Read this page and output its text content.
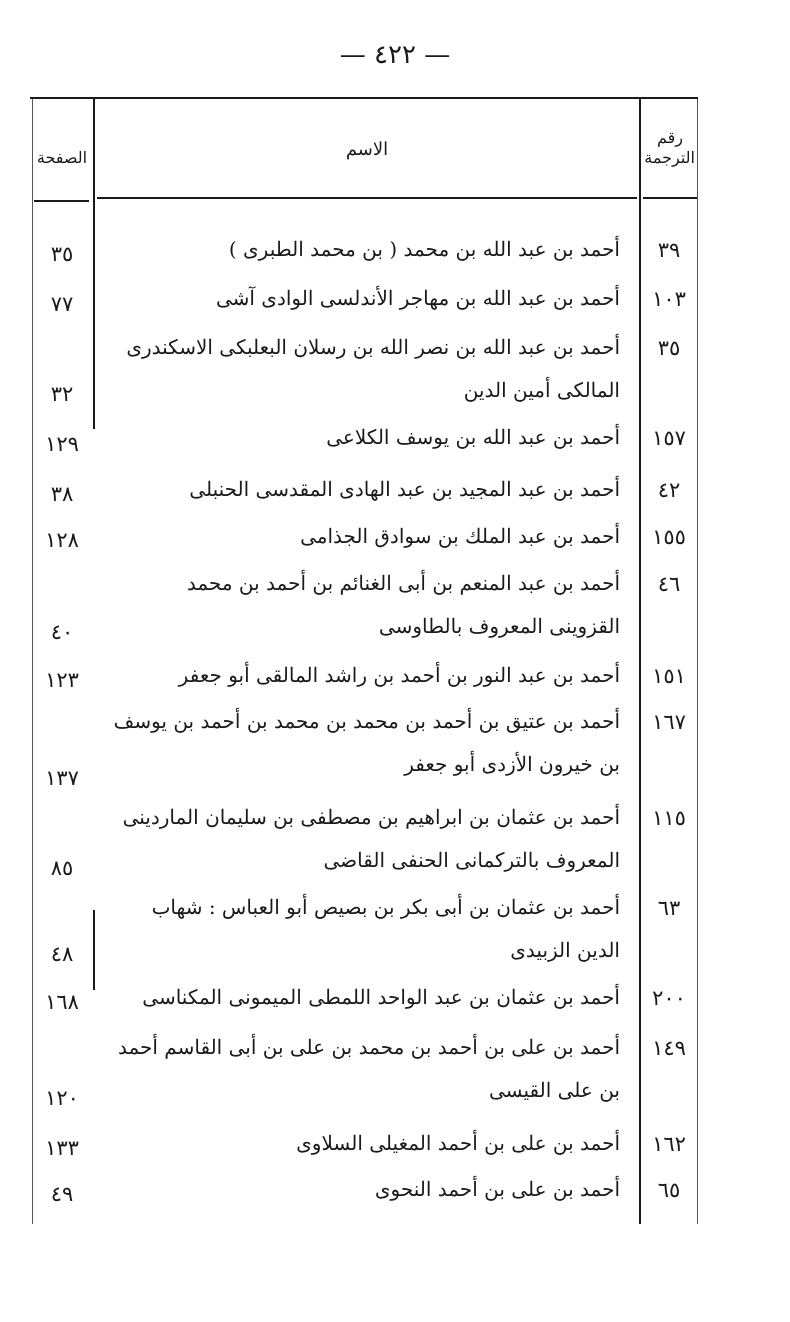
— ٤٢٢ —
رقم الترجمة
الاسم
الصفحة
٣٩
أحمد بن عبد الله بن محمد ( بن محمد الطبرى )
٣٥
١٠٣
أحمد بن عبد الله بن مهاجر الأندلسى الوادى آشى
٧٧
٣٥
أحمد بن عبد الله بن نصر الله بن رسلان البعلبكى الاسكندرى المالكى أمين الدين
٣٢
١٥٧
أحمد بن عبد الله بن يوسف الكلاعى
١٢٩
٤٢
أحمد بن عبد المجيد بن عبد الهادى المقدسى الحنبلى
٣٨
١٥٥
أحمد بن عبد الملك بن سوادق الجذامى
١٢٨
٤٦
أحمد بن عبد المنعم بن أبى الغنائم بن أحمد بن محمد القزوينى المعروف بالطاوسى
٤٠
١٥١
أحمد بن عبد النور بن أحمد بن راشد المالقى أبو جعفر
١٢٣
١٦٧
أحمد بن عتيق بن أحمد بن محمد بن محمد بن أحمد بن يوسف بن خيرون الأزدى أبو جعفر
١٣٧
١١٥
أحمد بن عثمان بن ابراهيم بن مصطفى بن سليمان الماردينى المعروف بالتركمانى الحنفى القاضى
٨٥
٦٣
أحمد بن عثمان بن أبى بكر بن بصيص أبو العباس : شهاب الدين الزبيدى
٤٨
٢٠٠
أحمد بن عثمان بن عبد الواحد اللمطى الميمونى المكناسى
١٦٨
١٤٩
أحمد بن على بن أحمد بن محمد بن على بن أبى القاسم أحمد بن على القيسى
١٢٠
١٦٢
أحمد بن على بن أحمد المغيلى السلاوى
١٣٣
٦٥
أحمد بن على بن أحمد النحوى
٤٩
